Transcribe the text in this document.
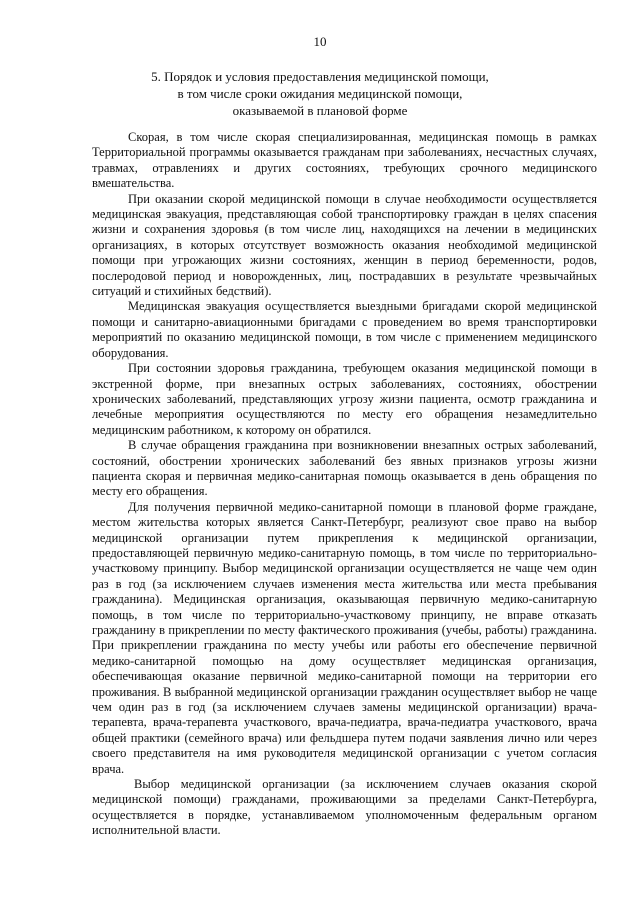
10
5. Порядок и условия предоставления медицинской помощи,
в том числе сроки ожидания медицинской помощи,
оказываемой в плановой форме

Скорая, в том числе скорая специализированная, медицинская помощь в рамках Территориальной программы оказывается гражданам при заболеваниях, несчастных случаях, травмах, отравлениях и других состояниях, требующих срочного медицинского вмешательства.

При оказании скорой медицинской помощи в случае необходимости осуществляется медицинская эвакуация, представляющая собой транспортировку граждан в целях спасения жизни и сохранения здоровья (в том числе лиц, находящихся на лечении в медицинских организациях, в которых отсутствует возможность оказания необходимой медицинской помощи при угрожающих жизни состояниях, женщин в период беременности, родов, послеродовой период и новорожденных, лиц, пострадавших в результате чрезвычайных ситуаций и стихийных бедствий).

Медицинская эвакуация осуществляется выездными бригадами скорой медицинской помощи и санитарно-авиационными бригадами с проведением во время транспортировки мероприятий по оказанию медицинской помощи, в том числе с применением медицинского оборудования.

При состоянии здоровья гражданина, требующем оказания медицинской помощи в экстренной форме, при внезапных острых заболеваниях, состояниях, обострении хронических заболеваний, представляющих угрозу жизни пациента, осмотр гражданина и лечебные мероприятия осуществляются по месту его обращения незамедлительно медицинским работником, к которому он обратился.

В случае обращения гражданина при возникновении внезапных острых заболеваний, состояний, обострении хронических заболеваний без явных признаков угрозы жизни пациента скорая и первичная медико-санитарная помощь оказывается в день обращения по месту его обращения.

Для получения первичной медико-санитарной помощи в плановой форме граждане, местом жительства которых является Санкт-Петербург, реализуют свое право на выбор медицинской организации путем прикрепления к медицинской организации, предоставляющей первичную медико-санитарную помощь, в том числе по территориально-участковому принципу. Выбор медицинской организации осуществляется не чаще чем один раз в год (за исключением случаев изменения места жительства или места пребывания гражданина). Медицинская организация, оказывающая первичную медико-санитарную помощь, в том числе по территориально-участковому принципу, не вправе отказать гражданину в прикреплении по месту фактического проживания (учебы, работы) гражданина. При прикреплении гражданина по месту учебы или работы его обеспечение первичной медико-санитарной помощью на дому осуществляет медицинская организация, обеспечивающая оказание первичной медико-санитарной помощи на территории его проживания. В выбранной медицинской организации гражданин осуществляет выбор не чаще чем один раз в год (за исключением случаев замены медицинской организации) врача-терапевта, врача-терапевта участкового, врача-педиатра, врача-педиатра участкового, врача общей практики (семейного врача) или фельдшера путем подачи заявления лично или через своего представителя на имя руководителя медицинской организации с учетом согласия врача.

Выбор медицинской организации (за исключением случаев оказания скорой медицинской помощи) гражданами, проживающими за пределами Санкт-Петербурга, осуществляется в порядке, устанавливаемом уполномоченным федеральным органом исполнительной власти.
